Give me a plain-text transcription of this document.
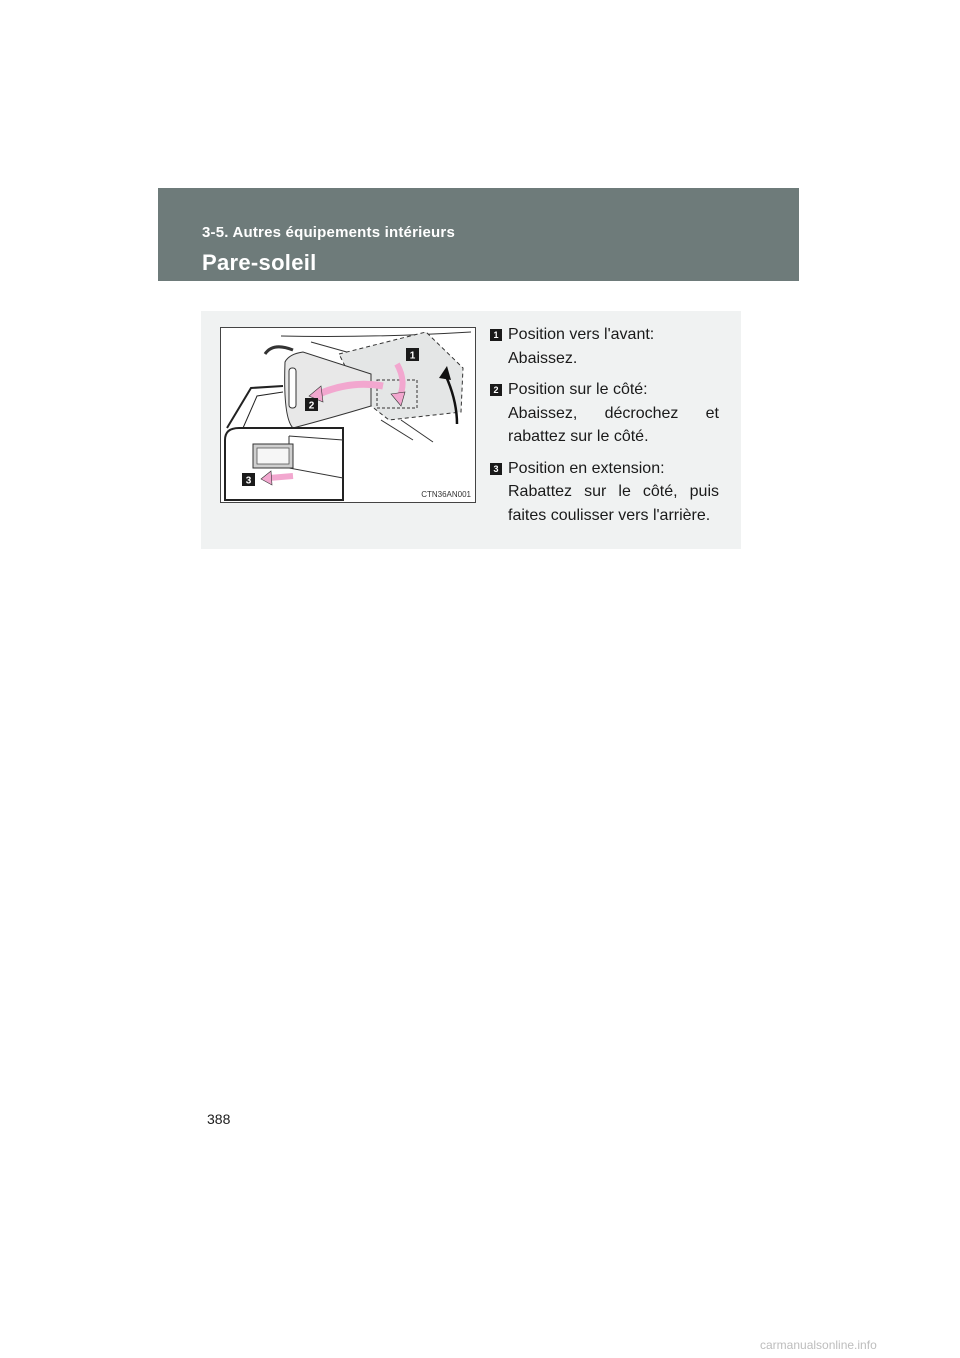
3-5. Autres équipements intérieurs
Pare-soleil
1
2
3
CTN36AN001
1 Position vers l'avant:
Abaissez.
2 Position sur le côté:
Abaissez, décrochez et rabattez sur le côté.
3 Position en extension:
Rabattez sur le côté, puis faites coulisser vers l'arrière.
388
carmanualsonline.info
